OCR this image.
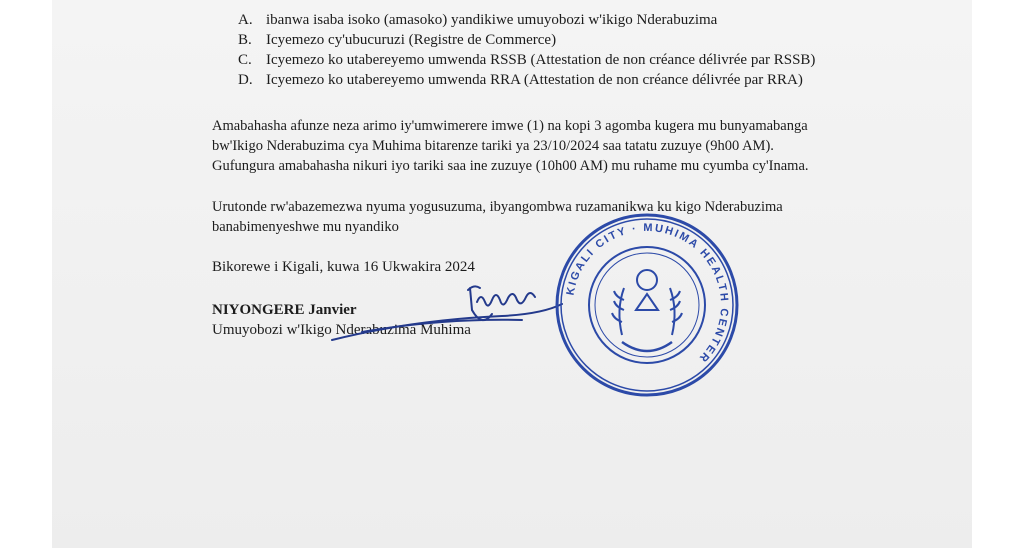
A. ibanwa isaba isoko (amasoko) yandikiwe umuyobozi w'ikigo Nderabuzima
B. Icyemezo cy'ubucuruzi (Registre de Commerce)
C. Icyemezo ko utabereyemo umwenda RSSB (Attestation de non créance délivrée par RSSB)
D. Icyemezo ko utabereyemo umwenda RRA (Attestation de non créance délivrée par RRA)

Amabahasha afunze neza arimo iy'umwimerere imwe (1) na kopi 3 agomba kugera mu bunyamabanga

bw'Ikigo Nderabuzima cya Muhima bitarenze tariki ya 23/10/2024 saa tatatu zuzuye (9h00 AM).

Gufungura amabahasha nikuri iyo tariki saa ine zuzuye (10h00 AM) mu ruhame mu cyumba cy'Inama.

Urutonde rw'abazemezwa nyuma yogusuzuma, ibyangombwa ruzamanikwa ku kigo Nderabuzima

banabimenyeshwe mu nyandiko

Bikorewe i Kigali, kuwa 16 Ukwakira 2024
NIYONGERE Janvier
Umuyobozi w'Ikigo Nderabuzima Muhima
KIGALI CITY · MUHIMA HEALTH CENTER
